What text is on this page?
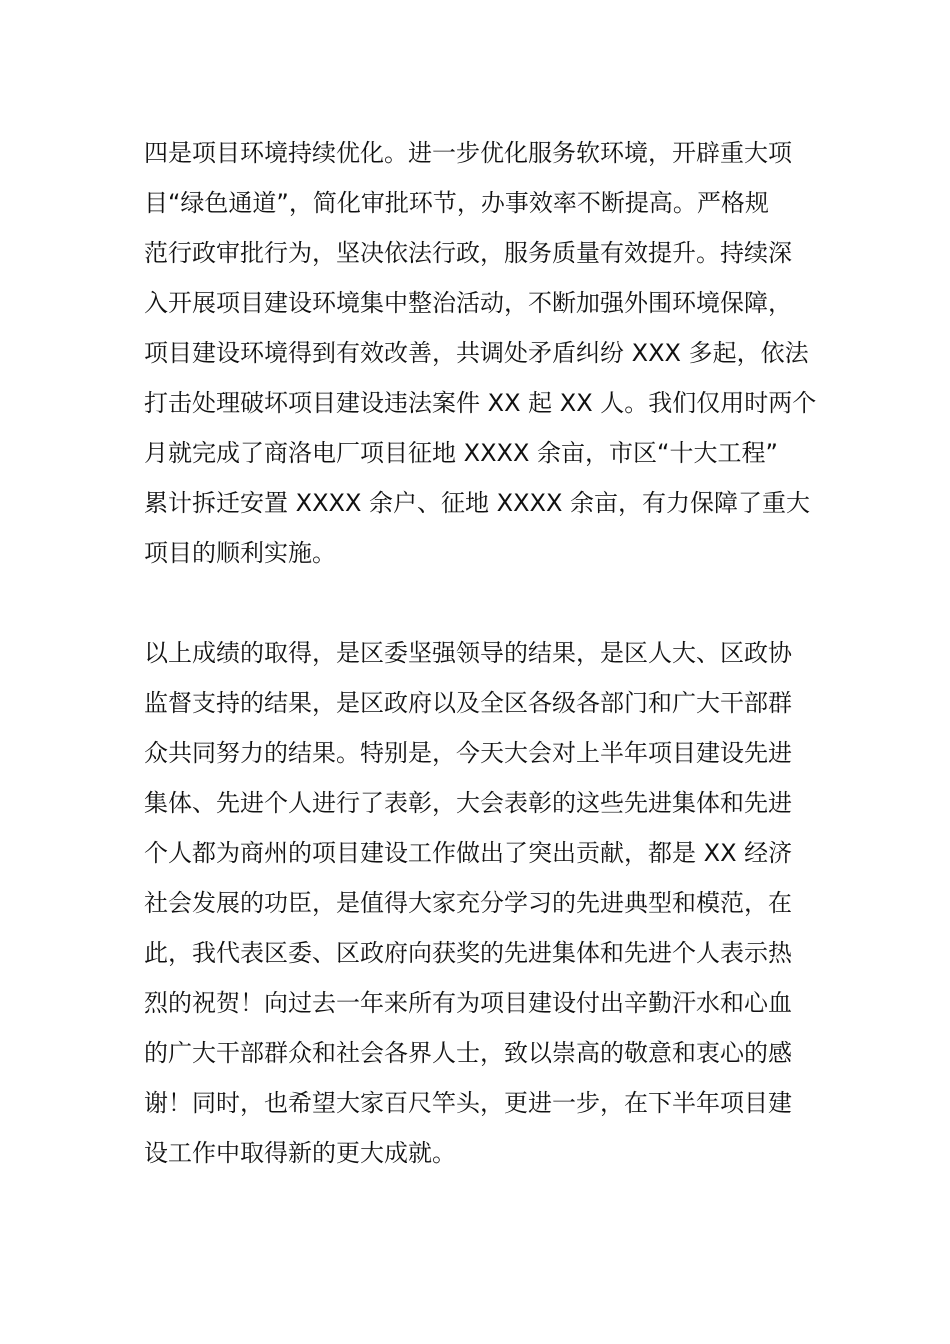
四是项目环境持续优化。进一步优化服务软环境，开辟重大项
目“绿色通道”，简化审批环节，办事效率不断提高。严格规
范行政审批行为，坚决依法行政，服务质量有效提升。持续深
入开展项目建设环境集中整治活动，不断加强外围环境保障，
项目建设环境得到有效改善，共调处矛盾纠纷 XXX 多起，依法
打击处理破坏项目建设违法案件 XX 起 XX 人。我们仅用时两个
月就完成了商洛电厂项目征地 XXXX 余亩，市区“十大工程”
累计拆迁安置 XXXX 余户、征地 XXXX 余亩，有力保障了重大
项目的顺利实施。

以上成绩的取得，是区委坚强领导的结果，是区人大、区政协
监督支持的结果，是区政府以及全区各级各部门和广大干部群
众共同努力的结果。特别是，今天大会对上半年项目建设先进
集体、先进个人进行了表彰，大会表彰的这些先进集体和先进
个人都为商州的项目建设工作做出了突出贡献，都是 XX 经济
社会发展的功臣，是值得大家充分学习的先进典型和模范，在
此，我代表区委、区政府向获奖的先进集体和先进个人表示热
烈的祝贺！向过去一年来所有为项目建设付出辛勤汗水和心血
的广大干部群众和社会各界人士，致以崇高的敬意和衷心的感
谢！同时，也希望大家百尺竿头，更进一步，在下半年项目建
设工作中取得新的更大成就。
